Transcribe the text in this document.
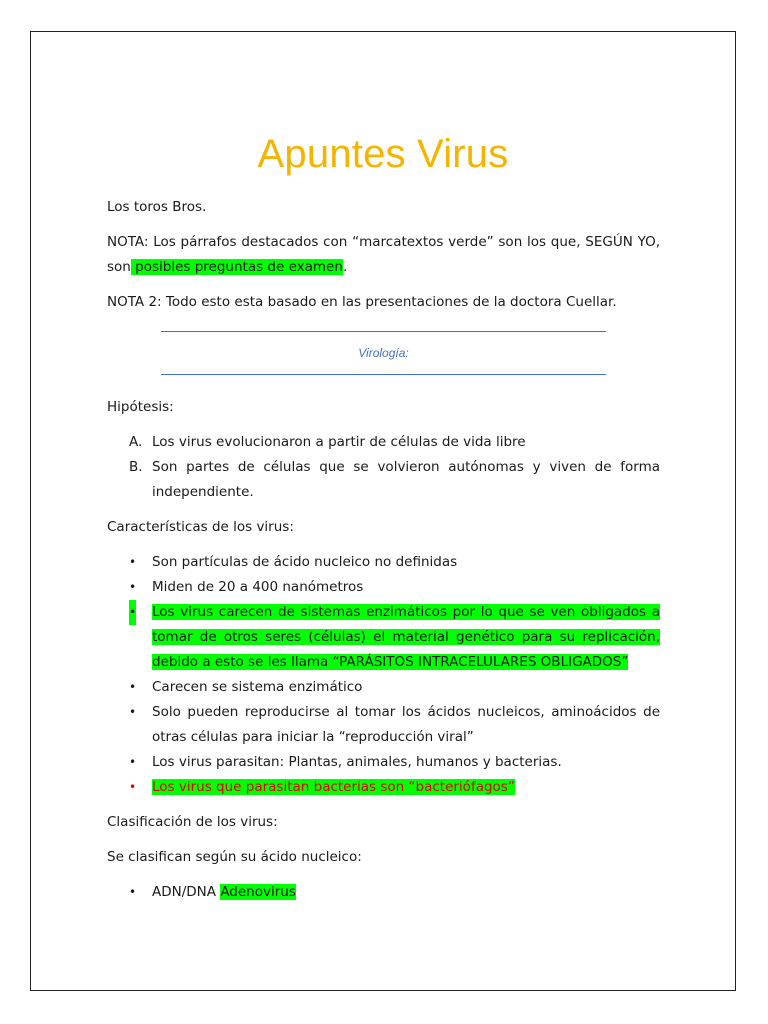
Apuntes Virus

Los toros Bros.

NOTA: Los párrafos destacados con “marcatextos verde” son los que, SEGÚN YO, son posibles preguntas de examen.

NOTA 2: Todo esto esta basado en las presentaciones de la doctora Cuellar.

Virología:

Hipótesis:

A. Los virus evolucionaron a partir de células de vida libre
B. Son partes de células que se volvieron autónomas y viven de forma independiente.

Características de los virus:

• Son partículas de ácido nucleico no definidas
• Miden de 20 a 400 nanómetros
• Los virus carecen de sistemas enzimáticos por lo que se ven obligados a tomar de otros seres (células) el material genético para su replicación, debido a esto se les llama “PARÁSITOS INTRACELULARES OBLIGADOS”
• Carecen se sistema enzimático
• Solo pueden reproducirse al tomar los ácidos nucleicos, aminoácidos de otras células para iniciar la “reproducción viral”
• Los virus parasitan: Plantas, animales, humanos y bacterias.
• Los virus que parasitan bacterias son “bacteriófagos”

Clasificación de los virus:

Se clasifican según su ácido nucleico:

• ADN/DNA Adenovirus
